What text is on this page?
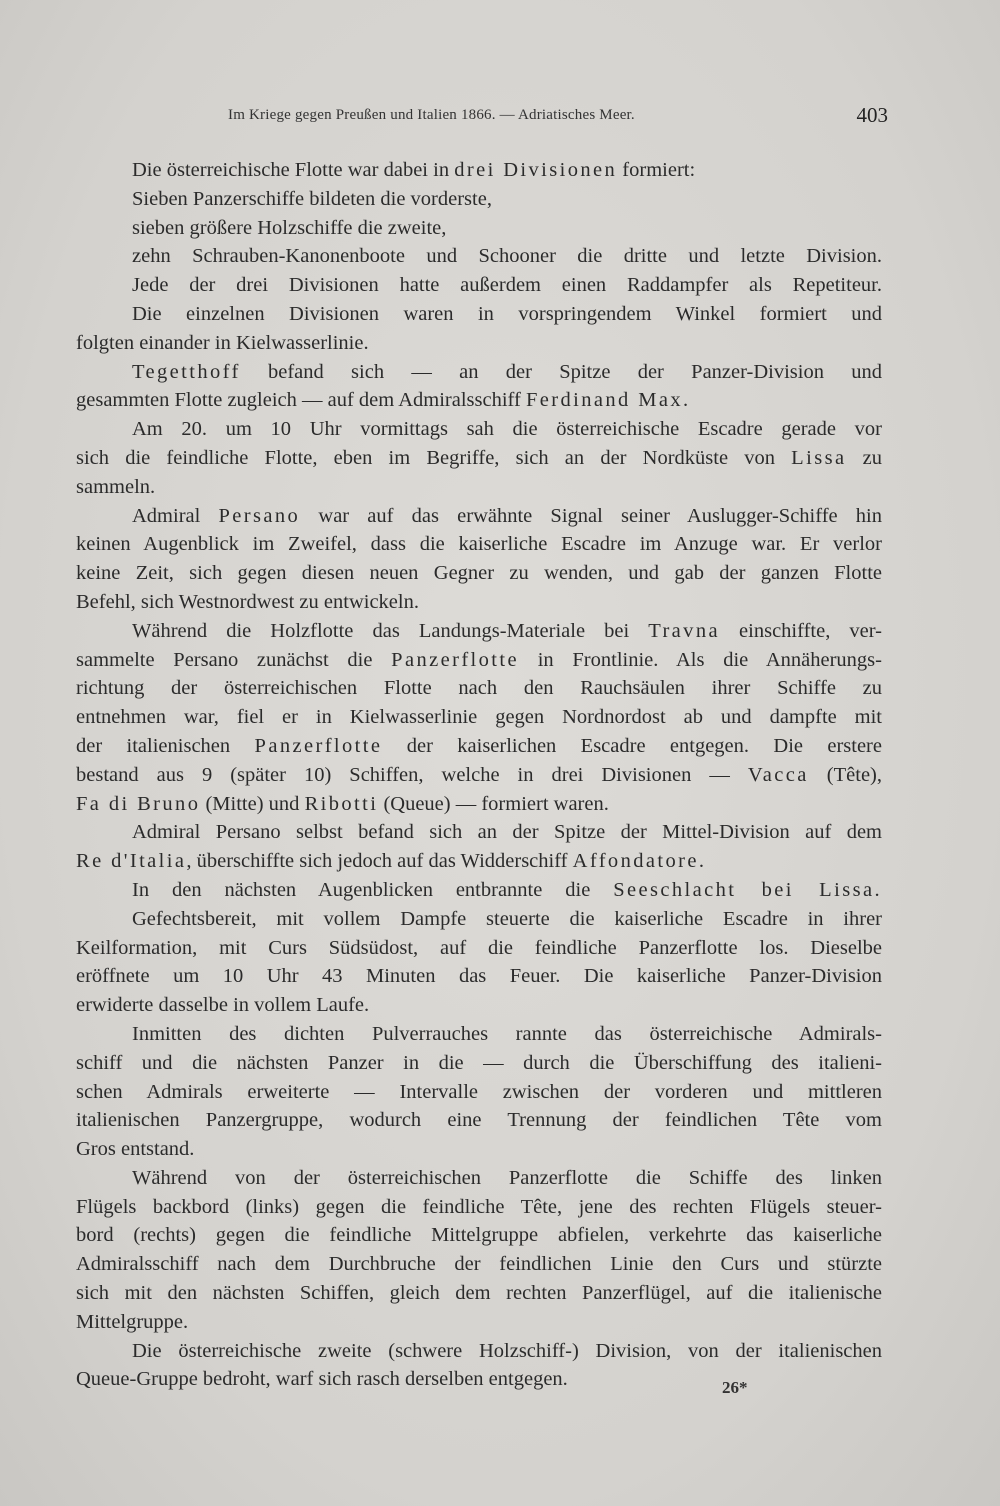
Im Kriege gegen Preußen und Italien 1866. — Adriatisches Meer.	403
Die österreichische Flotte war dabei in drei Divisionen formiert:
Sieben Panzerschiffe bildeten die vorderste,
sieben größere Holzschiffe die zweite,
zehn Schrauben-Kanonenboote und Schooner die dritte und letzte Division.
Jede der drei Divisionen hatte außerdem einen Raddampfer als Repetiteur.
Die einzelnen Divisionen waren in vorspringendem Winkel formiert und
folgten einander in Kielwasserlinie.
Tegetthoff befand sich — an der Spitze der Panzer-Division und
gesammten Flotte zugleich — auf dem Admiralsschiff Ferdinand Max.
Am 20. um 10 Uhr vormittags sah die österreichische Escadre gerade vor
sich die feindliche Flotte, eben im Begriffe, sich an der Nordküste von Lissa zu
sammeln.
Admiral Persano war auf das erwähnte Signal seiner Auslugger-Schiffe hin
keinen Augenblick im Zweifel, dass die kaiserliche Escadre im Anzuge war. Er verlor
keine Zeit, sich gegen diesen neuen Gegner zu wenden, und gab der ganzen Flotte
Befehl, sich Westnordwest zu entwickeln.
Während die Holzflotte das Landungs-Materiale bei Travna einschiffte, ver-
sammelte Persano zunächst die Panzerflotte in Frontlinie. Als die Annäherungs-
richtung der österreichischen Flotte nach den Rauchsäulen ihrer Schiffe zu
entnehmen war, fiel er in Kielwasserlinie gegen Nordnordost ab und dampfte mit
der italienischen Panzerflotte der kaiserlichen Escadre entgegen. Die erstere
bestand aus 9 (später 10) Schiffen, welche in drei Divisionen — Vacca (Tête),
Fa di Bruno (Mitte) und Ribotti (Queue) — formiert waren.
Admiral Persano selbst befand sich an der Spitze der Mittel-Division auf dem
Re d'Italia, überschiffte sich jedoch auf das Widderschiff Affondatore.
In den nächsten Augenblicken entbrannte die Seeschlacht bei Lissa.
Gefechtsbereit, mit vollem Dampfe steuerte die kaiserliche Escadre in ihrer
Keilformation, mit Curs Südsüdost, auf die feindliche Panzerflotte los. Dieselbe
eröffnete um 10 Uhr 43 Minuten das Feuer. Die kaiserliche Panzer-Division
erwiderte dasselbe in vollem Laufe.
Inmitten des dichten Pulverrauches rannte das österreichische Admirals-
schiff und die nächsten Panzer in die — durch die Überschiffung des italieni-
schen Admirals erweiterte — Intervalle zwischen der vorderen und mittleren
italienischen Panzergruppe, wodurch eine Trennung der feindlichen Tête vom
Gros entstand.
Während von der österreichischen Panzerflotte die Schiffe des linken
Flügels backbord (links) gegen die feindliche Tête, jene des rechten Flügels steuer-
bord (rechts) gegen die feindliche Mittelgruppe abfielen, verkehrte das kaiserliche
Admiralsschiff nach dem Durchbruche der feindlichen Linie den Curs und stürzte
sich mit den nächsten Schiffen, gleich dem rechten Panzerflügel, auf die italienische
Mittelgruppe.
Die österreichische zweite (schwere Holzschiff-) Division, von der italienischen
Queue-Gruppe bedroht, warf sich rasch derselben entgegen.	26*
